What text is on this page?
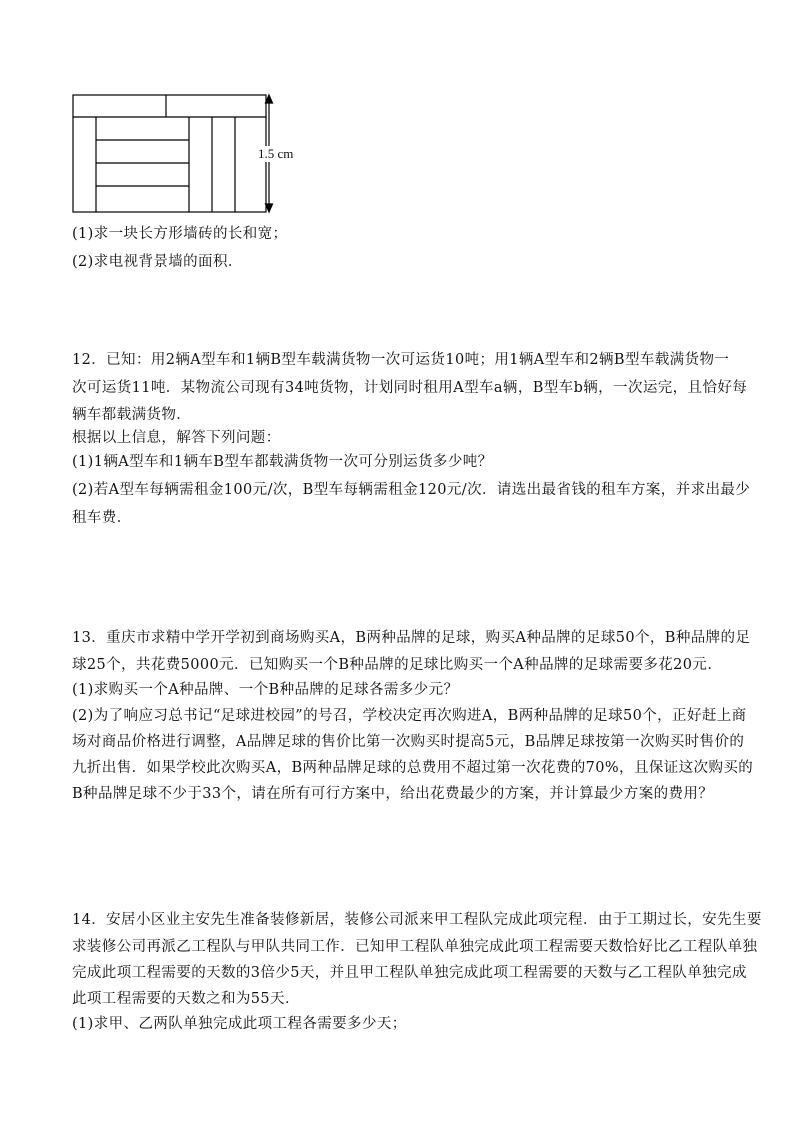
1.5 cm
(1)求一块长方形墙砖的长和宽；
(2)求电视背景墙的面积．
12．已知：用2辆A型车和1辆B型车载满货物一次可运货10吨；用1辆A型车和2辆B型车载满货物一
次可运货11吨．某物流公司现有34吨货物，计划同时租用A型车a辆，B型车b辆，一次运完，且恰好每
辆车都载满货物．
根据以上信息，解答下列问题：
(1)1辆A型车和1辆车B型车都载满货物一次可分别运货多少吨？
(2)若A型车每辆需租金100元/次，B型车每辆需租金120元/次．请选出最省钱的租车方案，并求出最少
租车费．
13．重庆市求精中学开学初到商场购买A，B两种品牌的足球，购买A种品牌的足球50个，B种品牌的足
球25个，共花费5000元．已知购买一个B种品牌的足球比购买一个A种品牌的足球需要多花20元．
(1)求购买一个A种品牌、一个B种品牌的足球各需多少元？
(2)为了响应习总书记“足球进校园”的号召，学校决定再次购进A，B两种品牌的足球50个，正好赶上商
场对商品价格进行调整，A品牌足球的售价比第一次购买时提高5元，B品牌足球按第一次购买时售价的
九折出售．如果学校此次购买A，B两种品牌足球的总费用不超过第一次花费的70%，且保证这次购买的
B种品牌足球不少于33个，请在所有可行方案中，给出花费最少的方案，并计算最少方案的费用？
14．安居小区业主安先生准备装修新居，装修公司派来甲工程队完成此项完程．由于工期过长，安先生要
求装修公司再派乙工程队与甲队共同工作．已知甲工程队单独完成此项工程需要天数恰好比乙工程队单独
完成此项工程需要的天数的3倍少5天，并且甲工程队单独完成此项工程需要的天数与乙工程队单独完成
此项工程需要的天数之和为55天．
(1)求甲、乙两队单独完成此项工程各需要多少天；
